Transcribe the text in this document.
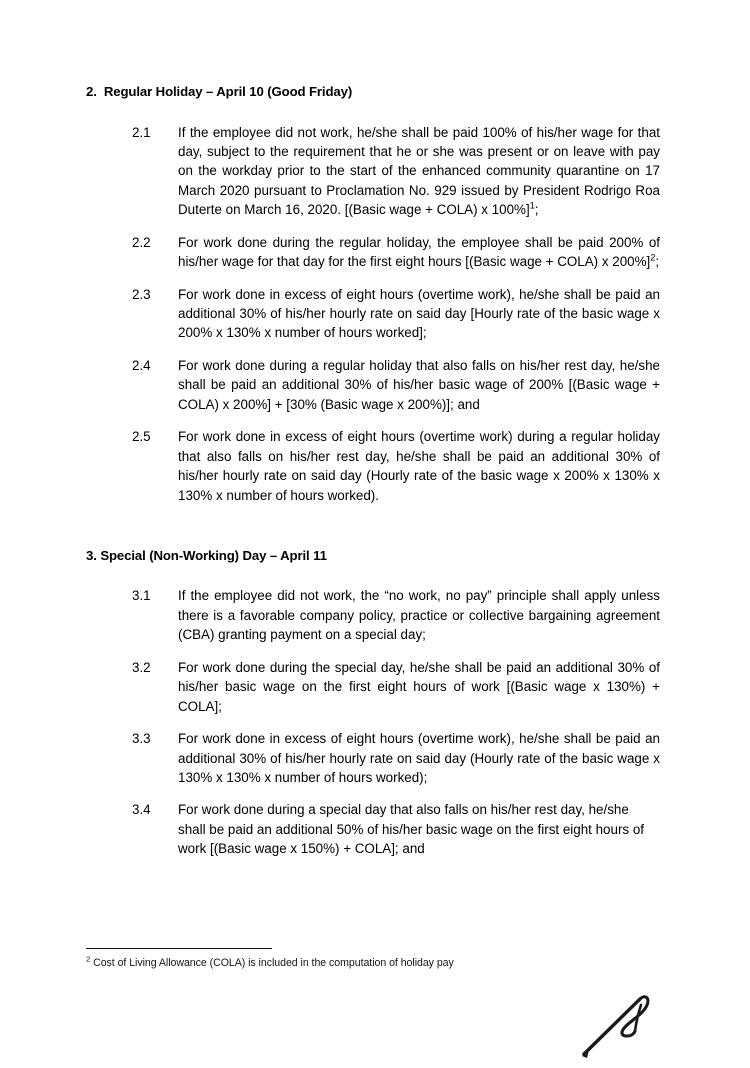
2. Regular Holiday – April 10 (Good Friday)
2.1	If the employee did not work, he/she shall be paid 100% of his/her wage for that day, subject to the requirement that he or she was present or on leave with pay on the workday prior to the start of the enhanced community quarantine on 17 March 2020 pursuant to Proclamation No. 929 issued by President Rodrigo Roa Duterte on March 16, 2020. [(Basic wage + COLA) x 100%]$^1$;
2.2	For work done during the regular holiday, the employee shall be paid 200% of his/her wage for that day for the first eight hours [(Basic wage + COLA) x 200%]$^2$;
2.3	For work done in excess of eight hours (overtime work), he/she shall be paid an additional 30% of his/her hourly rate on said day [Hourly rate of the basic wage x 200% x 130% x number of hours worked];
2.4	For work done during a regular holiday that also falls on his/her rest day, he/she shall be paid an additional 30% of his/her basic wage of 200% [(Basic wage + COLA) x 200%] + [30% (Basic wage x 200%)]; and
2.5	For work done in excess of eight hours (overtime work) during a regular holiday that also falls on his/her rest day, he/she shall be paid an additional 30% of his/her hourly rate on said day (Hourly rate of the basic wage x 200% x 130% x 130% x number of hours worked).
3. Special (Non-Working) Day – April 11
3.1	If the employee did not work, the “no work, no pay” principle shall apply unless there is a favorable company policy, practice or collective bargaining agreement (CBA) granting payment on a special day;
3.2	For work done during the special day, he/she shall be paid an additional 30% of his/her basic wage on the first eight hours of work [(Basic wage x 130%) + COLA];
3.3	For work done in excess of eight hours (overtime work), he/she shall be paid an additional 30% of his/her hourly rate on said day (Hourly rate of the basic wage x 130% x 130% x number of hours worked);
3.4	For work done during a special day that also falls on his/her rest day, he/she shall be paid an additional 50% of his/her basic wage on the first eight hours of work [(Basic wage x 150%) + COLA]; and
$^2$ Cost of Living Allowance (COLA) is included in the computation of holiday pay
